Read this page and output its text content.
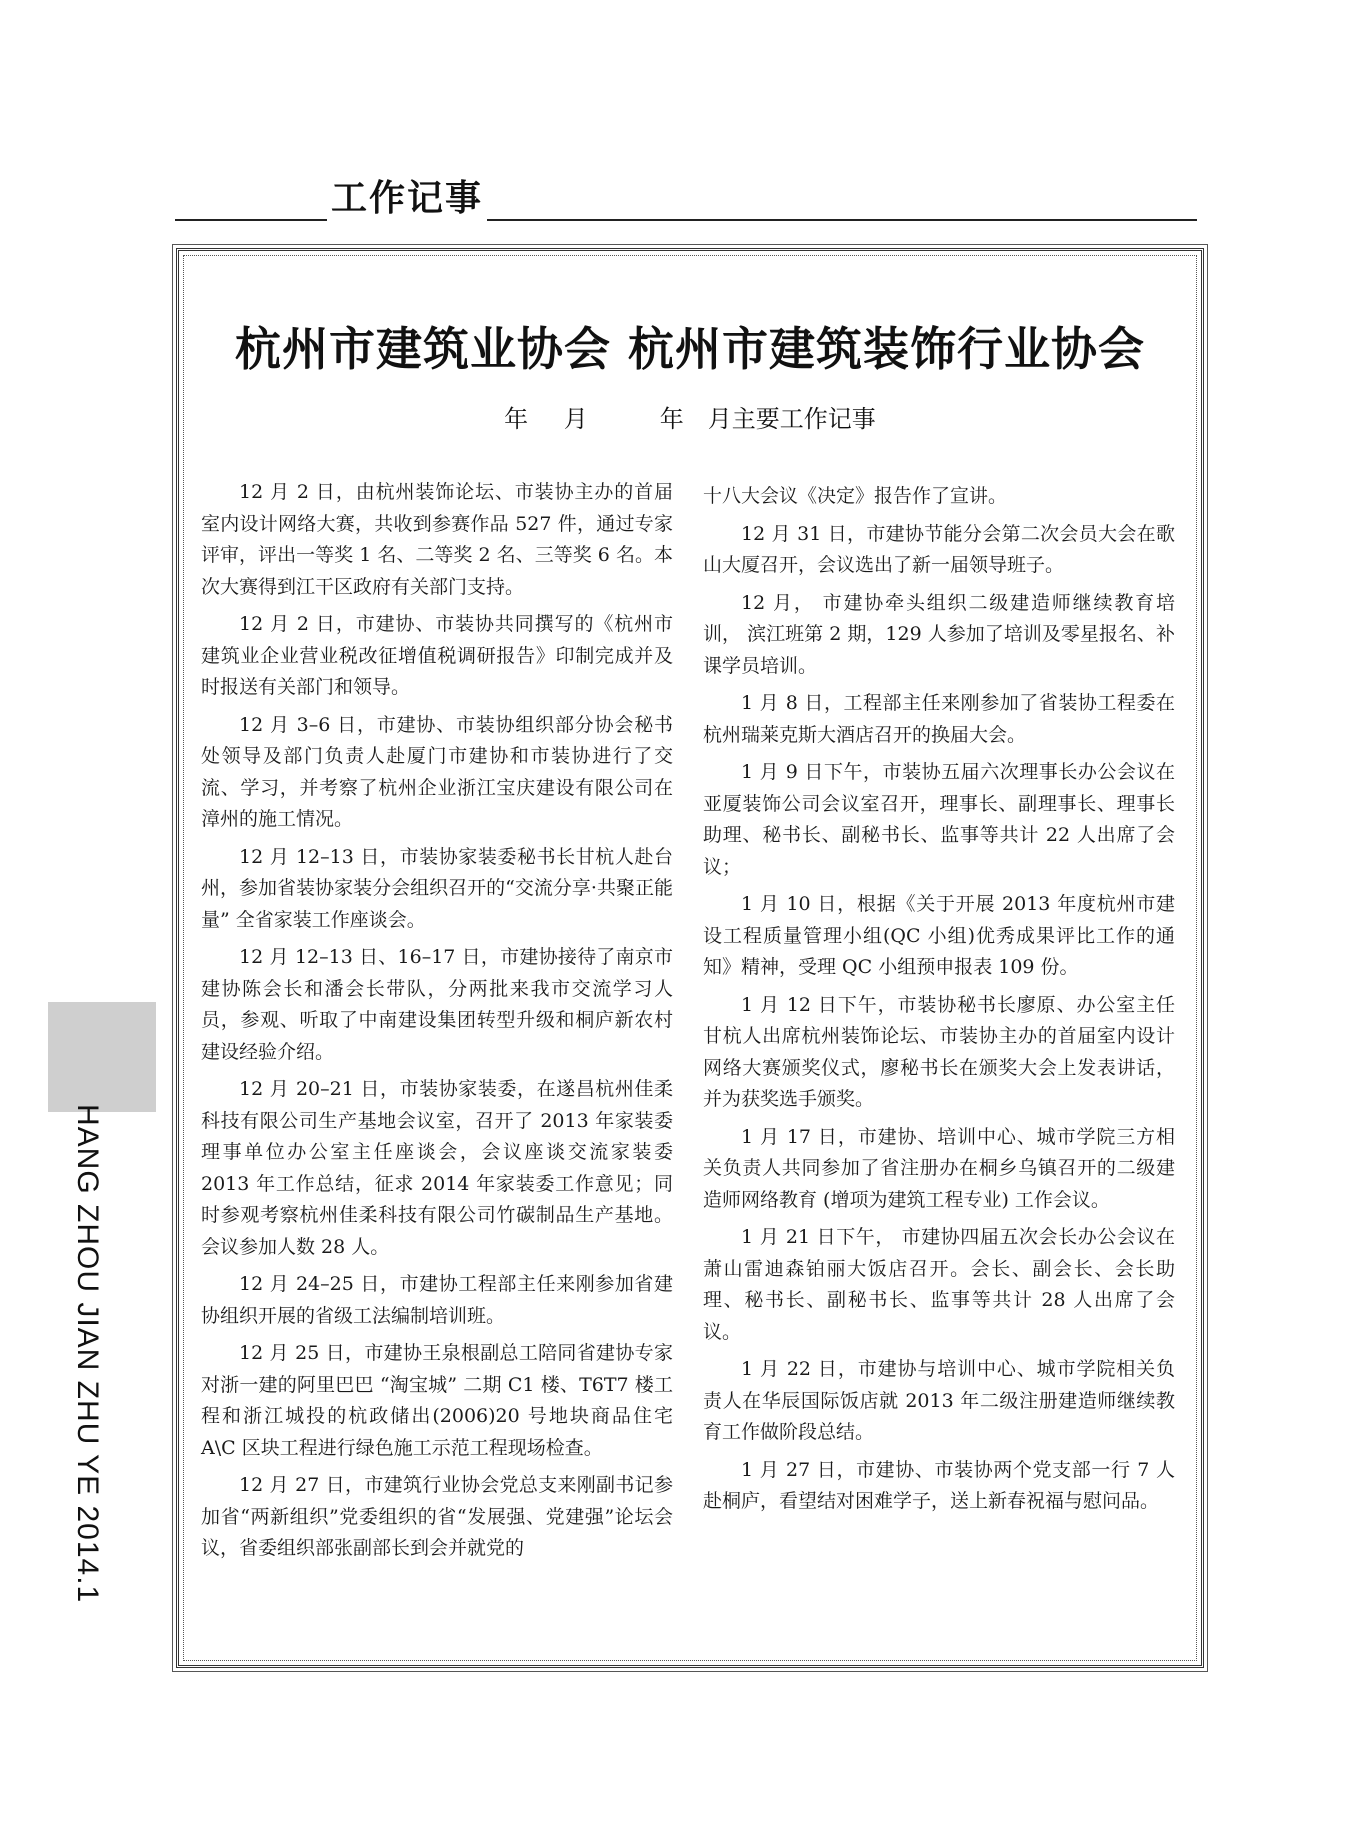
工作记事
杭州市建筑业协会 杭州市建筑装饰行业协会
年　 月　　　年　月主要工作记事

12 月 2 日，由杭州装饰论坛、市装协主办的首届室内设计网络大赛，共收到参赛作品 527 件，通过专家评审，评出一等奖 1 名、二等奖 2 名、三等奖 6 名。本次大赛得到江干区政府有关部门支持。

12 月 2 日，市建协、市装协共同撰写的《杭州市建筑业企业营业税改征增值税调研报告》印制完成并及时报送有关部门和领导。

12 月 3–6 日，市建协、市装协组织部分协会秘书处领导及部门负责人赴厦门市建协和市装协进行了交流、学习，并考察了杭州企业浙江宝庆建设有限公司在漳州的施工情况。

12 月 12–13 日，市装协家装委秘书长甘杭人赴台州，参加省装协家装分会组织召开的“交流分享·共聚正能量” 全省家装工作座谈会。

12 月 12–13 日、16–17 日，市建协接待了南京市建协陈会长和潘会长带队，分两批来我市交流学习人员，参观、听取了中南建设集团转型升级和桐庐新农村建设经验介绍。

12 月 20–21 日，市装协家装委，在遂昌杭州佳柔科技有限公司生产基地会议室，召开了 2013 年家装委理事单位办公室主任座谈会，会议座谈交流家装委 2013 年工作总结，征求 2014 年家装委工作意见；同时参观考察杭州佳柔科技有限公司竹碳制品生产基地。会议参加人数 28 人。

12 月 24–25 日，市建协工程部主任来刚参加省建协组织开展的省级工法编制培训班。

12 月 25 日，市建协王泉根副总工陪同省建协专家对浙一建的阿里巴巴 “淘宝城” 二期 C1 楼、T6T7 楼工程和浙江城投的杭政储出(2006)20 号地块商品住宅 A\C 区块工程进行绿色施工示范工程现场检查。

12 月 27 日，市建筑行业协会党总支来刚副书记参加省“两新组织”党委组织的省“发展强、党建强”论坛会议，省委组织部张副部长到会并就党的

十八大会议《决定》报告作了宣讲。

12 月 31 日，市建协节能分会第二次会员大会在歌山大厦召开，会议选出了新一届领导班子。

12 月， 市建协牵头组织二级建造师继续教育培训， 滨江班第 2 期，129 人参加了培训及零星报名、补课学员培训。

1 月 8 日，工程部主任来刚参加了省装协工程委在杭州瑞莱克斯大酒店召开的换届大会。

1 月 9 日下午，市装协五届六次理事长办公会议在亚厦装饰公司会议室召开，理事长、副理事长、理事长助理、秘书长、副秘书长、监事等共计 22 人出席了会议；

1 月 10 日，根据《关于开展 2013 年度杭州市建设工程质量管理小组(QC 小组)优秀成果评比工作的通知》精神，受理 QC 小组预申报表 109 份。

1 月 12 日下午，市装协秘书长廖原、办公室主任甘杭人出席杭州装饰论坛、市装协主办的首届室内设计网络大赛颁奖仪式，廖秘书长在颁奖大会上发表讲话，并为获奖选手颁奖。

1 月 17 日，市建协、培训中心、城市学院三方相关负责人共同参加了省注册办在桐乡乌镇召开的二级建造师网络教育 (增项为建筑工程专业) 工作会议。

1 月 21 日下午， 市建协四届五次会长办公会议在萧山雷迪森铂丽大饭店召开。会长、副会长、会长助理、秘书长、副秘书长、监事等共计 28 人出席了会议。

1 月 22 日，市建协与培训中心、城市学院相关负责人在华辰国际饭店就 2013 年二级注册建造师继续教育工作做阶段总结。

1 月 27 日，市建协、市装协两个党支部一行 7 人赴桐庐，看望结对困难学子，送上新春祝福与慰问品。

HANG ZHOU JIAN ZHU YE 2014.1
